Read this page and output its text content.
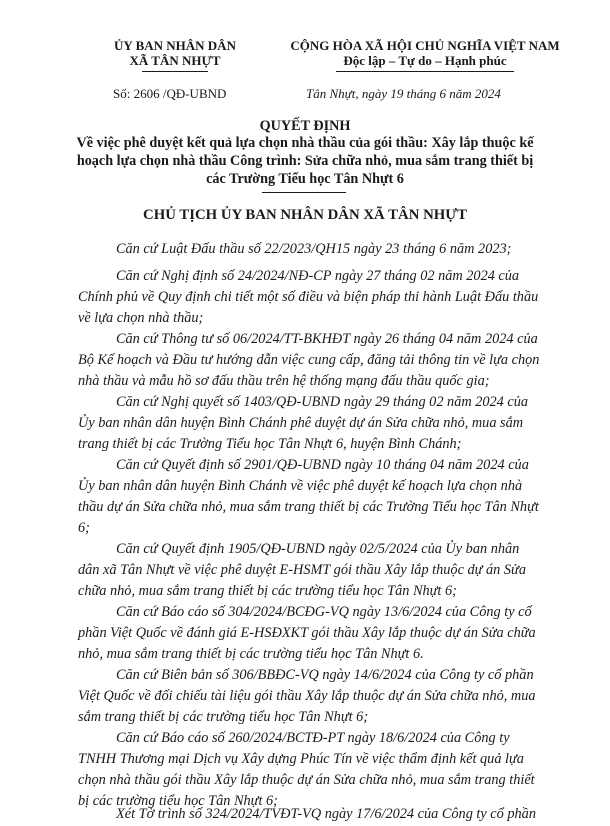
ỦY BAN NHÂN DÂN
XÃ TÂN NHỰT
CỘNG HÒA XÃ HỘI CHỦ NGHĨA VIỆT NAM
Độc lập – Tự do – Hạnh phúc
Số: 2606 /QĐ-UBND	Tân Nhựt, ngày 19 tháng 6 năm 2024
QUYẾT ĐỊNH
Về việc phê duyệt kết quả lựa chọn nhà thầu của gói thầu: Xây lắp thuộc kế
hoạch lựa chọn nhà thầu Công trình: Sửa chữa nhỏ, mua sắm trang thiết bị
các Trường Tiểu học Tân Nhựt 6
CHỦ TỊCH ỦY BAN NHÂN DÂN XÃ TÂN NHỰT
Căn cứ Luật Đấu thầu số 22/2023/QH15 ngày 23 tháng 6 năm 2023;
Căn cứ Nghị định số 24/2024/NĐ-CP ngày 27 tháng 02 năm 2024 của
Chính phủ về Quy định chi tiết một số điều và biện pháp thi hành Luật Đấu thầu
về lựa chọn nhà thầu;
Căn cứ Thông tư số 06/2024/TT-BKHĐT ngày 26 tháng 04 năm 2024 của
Bộ Kế hoạch và Đầu tư hướng dẫn việc cung cấp, đăng tải thông tin về lựa chọn
nhà thầu và mẫu hồ sơ đấu thầu trên hệ thống mạng đấu thầu quốc gia;
Căn cứ Nghị quyết số 1403/QĐ-UBND ngày 29 tháng 02 năm 2024 của
Ủy ban nhân dân huyện Bình Chánh phê duyệt dự án Sửa chữa nhỏ, mua sắm
trang thiết bị các Trường Tiểu học Tân Nhựt 6, huyện Bình Chánh;
Căn cứ Quyết định số 2901/QĐ-UBND ngày 10 tháng 04 năm 2024 của
Ủy ban nhân dân huyện Bình Chánh về việc phê duyệt kế hoạch lựa chọn nhà
thầu dự án Sửa chữa nhỏ, mua sắm trang thiết bị các Trường Tiểu học Tân Nhựt
6;
Căn cứ Quyết định 1905/QĐ-UBND ngày 02/5/2024 của Ủy ban nhân
dân xã Tân Nhựt về việc phê duyệt E-HSMT gói thầu Xây lắp thuộc dự án Sửa
chữa nhỏ, mua sắm trang thiết bị các trường tiểu học Tân Nhựt 6;
Căn cứ Báo cáo số 304/2024/BCĐG-VQ ngày 13/6/2024 của Công ty cổ
phần Việt Quốc về đánh giá E-HSĐXKT gói thầu Xây lắp thuộc dự án Sửa chữa
nhỏ, mua sắm trang thiết bị các trường tiểu học Tân Nhựt 6.
Căn cứ Biên bản số 306/BBĐC-VQ ngày 14/6/2024 của Công ty cổ phần
Việt Quốc về đối chiếu tài liệu gói thầu Xây lắp thuộc dự án Sửa chữa nhỏ, mua
sắm trang thiết bị các trường tiểu học Tân Nhựt 6;
Căn cứ Báo cáo số 260/2024/BCTĐ-PT ngày 18/6/2024 của Công ty
TNHH Thương mại Dịch vụ Xây dựng Phúc Tín về việc thẩm định kết quả lựa
chọn nhà thầu gói thầu Xây lắp thuộc dự án Sửa chữa nhỏ, mua sắm trang thiết
bị các trường tiểu học Tân Nhựt 6;
Xét Tờ trình số 324/2024/TVĐT-VQ ngày 17/6/2024 của Công ty cổ phần
